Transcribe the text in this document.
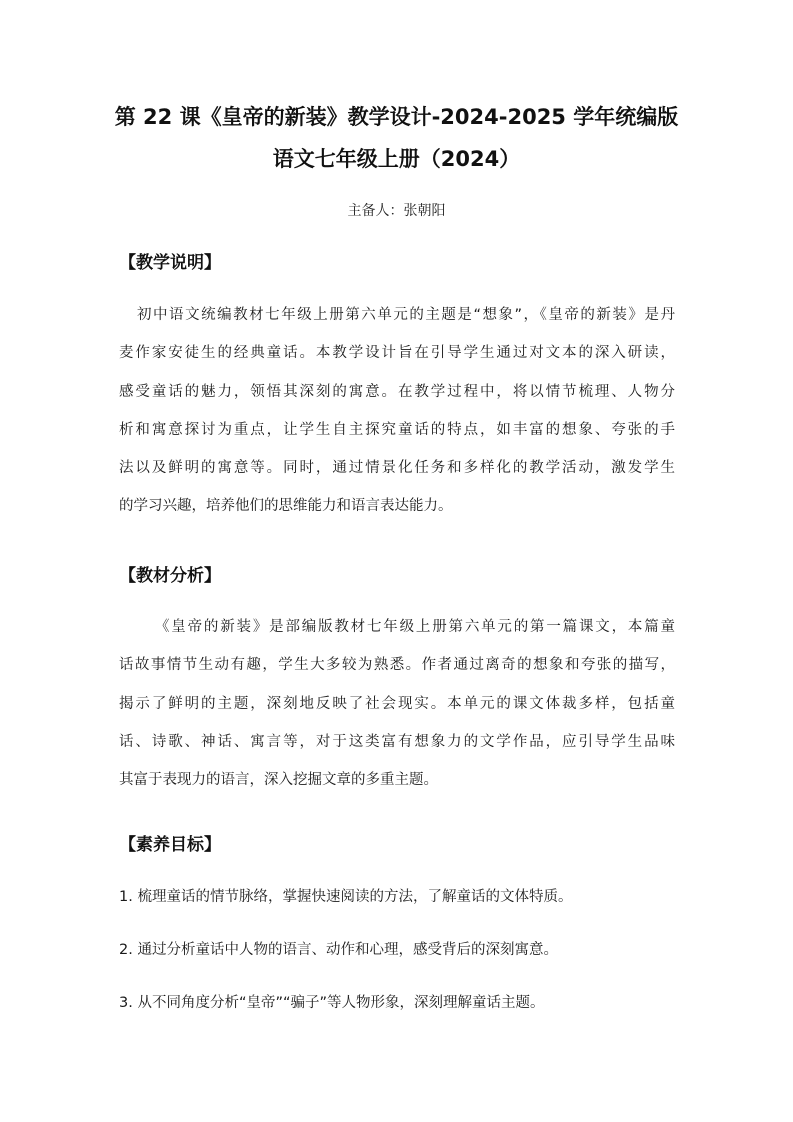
第 22 课《皇帝的新装》教学设计-2024-2025 学年统编版
语文七年级上册（2024）
主备人：张朝阳
【教学说明】
初中语文统编教材七年级上册第六单元的主题是“想象”，《皇帝的新装》是丹
麦作家安徒生的经典童话。本教学设计旨在引导学生通过对文本的深入研读，
感受童话的魅力，领悟其深刻的寓意。在教学过程中，将以情节梳理、人物分
析和寓意探讨为重点，让学生自主探究童话的特点，如丰富的想象、夸张的手
法以及鲜明的寓意等。同时，通过情景化任务和多样化的教学活动，激发学生
的学习兴趣，培养他们的思维能力和语言表达能力。
【教材分析】
《皇帝的新装》是部编版教材七年级上册第六单元的第一篇课文，本篇童
话故事情节生动有趣，学生大多较为熟悉。作者通过离奇的想象和夸张的描写，
揭示了鲜明的主题，深刻地反映了社会现实。本单元的课文体裁多样，包括童
话、诗歌、神话、寓言等，对于这类富有想象力的文学作品，应引导学生品味
其富于表现力的语言，深入挖掘文章的多重主题。
【素养目标】
1. 梳理童话的情节脉络，掌握快速阅读的方法，了解童话的文体特质。
2. 通过分析童话中人物的语言、动作和心理，感受背后的深刻寓意。
3. 从不同角度分析“皇帝”“骗子”等人物形象，深刻理解童话主题。
